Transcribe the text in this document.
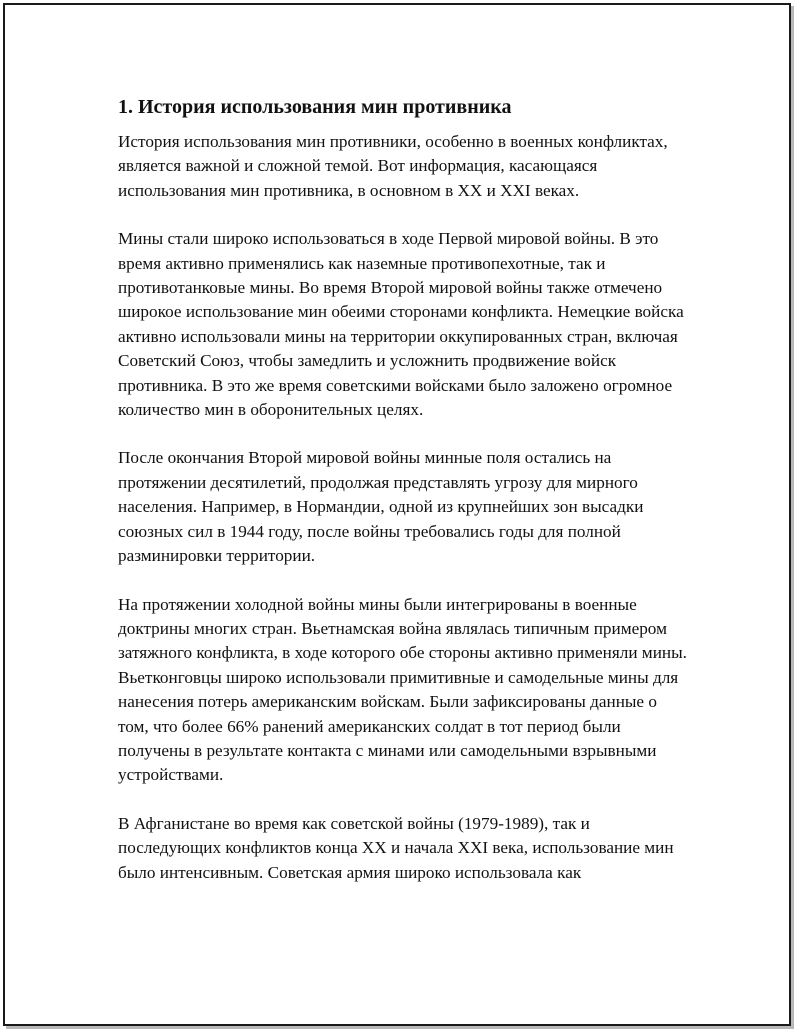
1. История использования мин противника

История использования мин противники, особенно в военных конфликтах, является важной и сложной темой. Вот информация, касающаяся использования мин противника, в основном в XX и XXI веках.

Мины стали широко использоваться в ходе Первой мировой войны. В это время активно применялись как наземные противопехотные, так и противотанковые мины. Во время Второй мировой войны также отмечено широкое использование мин обеими сторонами конфликта. Немецкие войска активно использовали мины на территории оккупированных стран, включая Советский Союз, чтобы замедлить и усложнить продвижение войск противника. В это же время советскими войсками было заложено огромное количество мин в оборонительных целях.

После окончания Второй мировой войны минные поля остались на протяжении десятилетий, продолжая представлять угрозу для мирного населения. Например, в Нормандии, одной из крупнейших зон высадки союзных сил в 1944 году, после войны требовались годы для полной разминировки территории.

На протяжении холодной войны мины были интегрированы в военные доктрины многих стран. Вьетнамская война являлась типичным примером затяжного конфликта, в ходе которого обе стороны активно применяли мины. Вьетконговцы широко использовали примитивные и самодельные мины для нанесения потерь американским войскам. Были зафиксированы данные о том, что более 66% ранений американских солдат в тот период были получены в результате контакта с минами или самодельными взрывными устройствами.

В Афганистане во время как советской войны (1979-1989), так и последующих конфликтов конца XX и начала XXI века, использование мин было интенсивным. Советская армия широко использовала как
